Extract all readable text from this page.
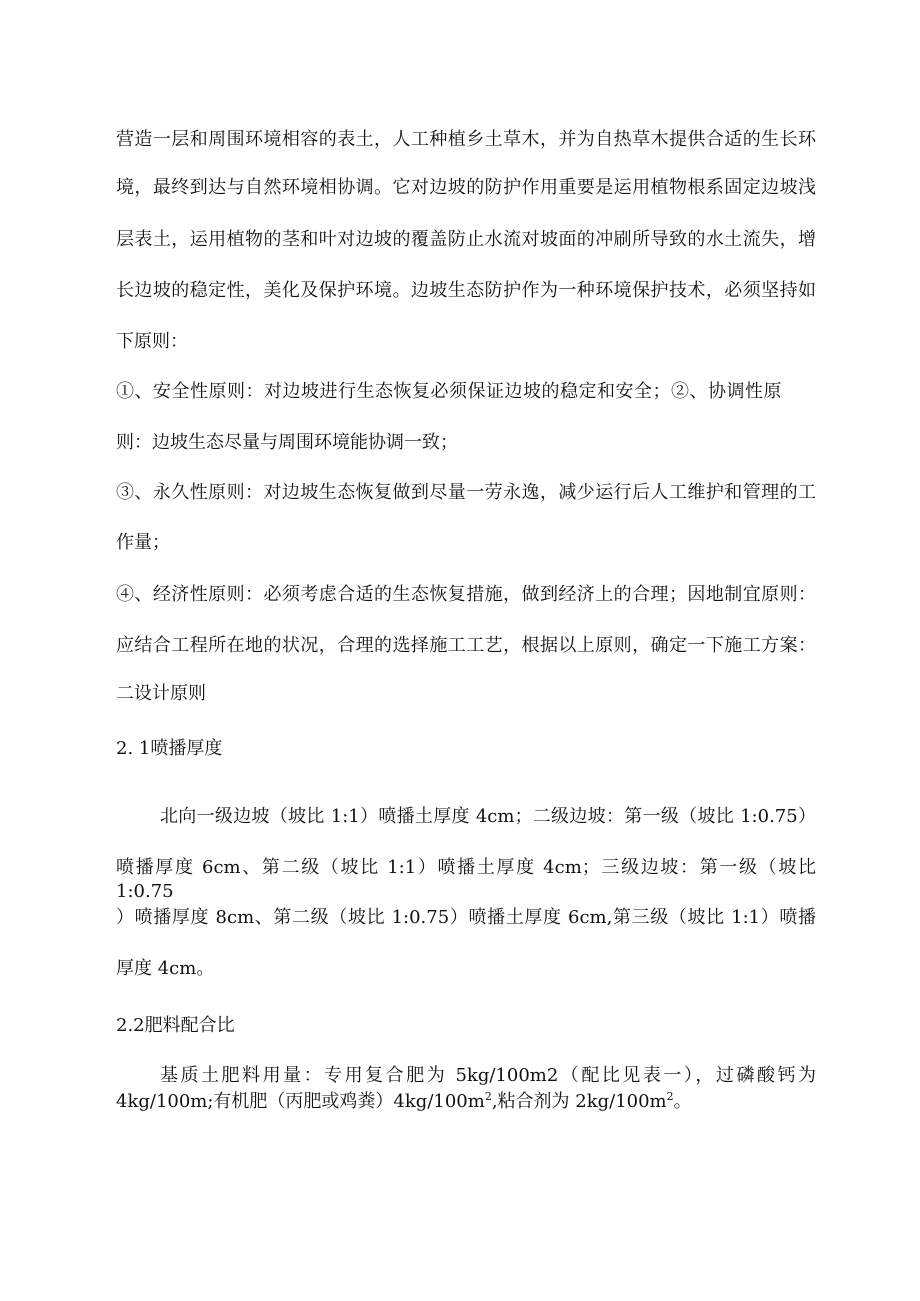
营造一层和周围环境相容的表土，人工种植乡土草木，并为自热草木提供合适的生长环
境，最终到达与自然环境相协调。它对边坡的防护作用重要是运用植物根系固定边坡浅
层表土，运用植物的茎和叶对边坡的覆盖防止水流对坡面的冲刷所导致的水土流失，增
长边坡的稳定性，美化及保护环境。边坡生态防护作为一种环境保护技术，必须坚持如
下原则：
①、安全性原则：对边坡进行生态恢复必须保证边坡的稳定和安全；②、协调性原
则：边坡生态尽量与周围环境能协调一致；
③、永久性原则：对边坡生态恢复做到尽量一劳永逸，减少运行后人工维护和管理的工
作量；
④、经济性原则：必须考虑合适的生态恢复措施，做到经济上的合理；因地制宜原则：
应结合工程所在地的状况，合理的选择施工工艺，根据以上原则，确定一下施工方案：
二设计原则
2. 1喷播厚度
北向一级边坡（坡比 1:1）喷播土厚度 4cm；二级边坡：第一级（坡比 1:0.75）
喷播厚度 6cm、第二级（坡比 1:1）喷播土厚度 4cm；三级边坡：第一级（坡比 1:0.75
）喷播厚度 8cm、第二级（坡比 1:0.75）喷播土厚度 6cm,第三级（坡比 1:1）喷播
厚度 4cm。
2.2肥料配合比
基质土肥料用量：专用复合肥为 5kg/100m2（配比见表一），过磷酸钙为
4kg/100m;有机肥（丙肥或鸡粪）$4kg/100m^2$,粘合剂为 $2kg/100m^2$。
